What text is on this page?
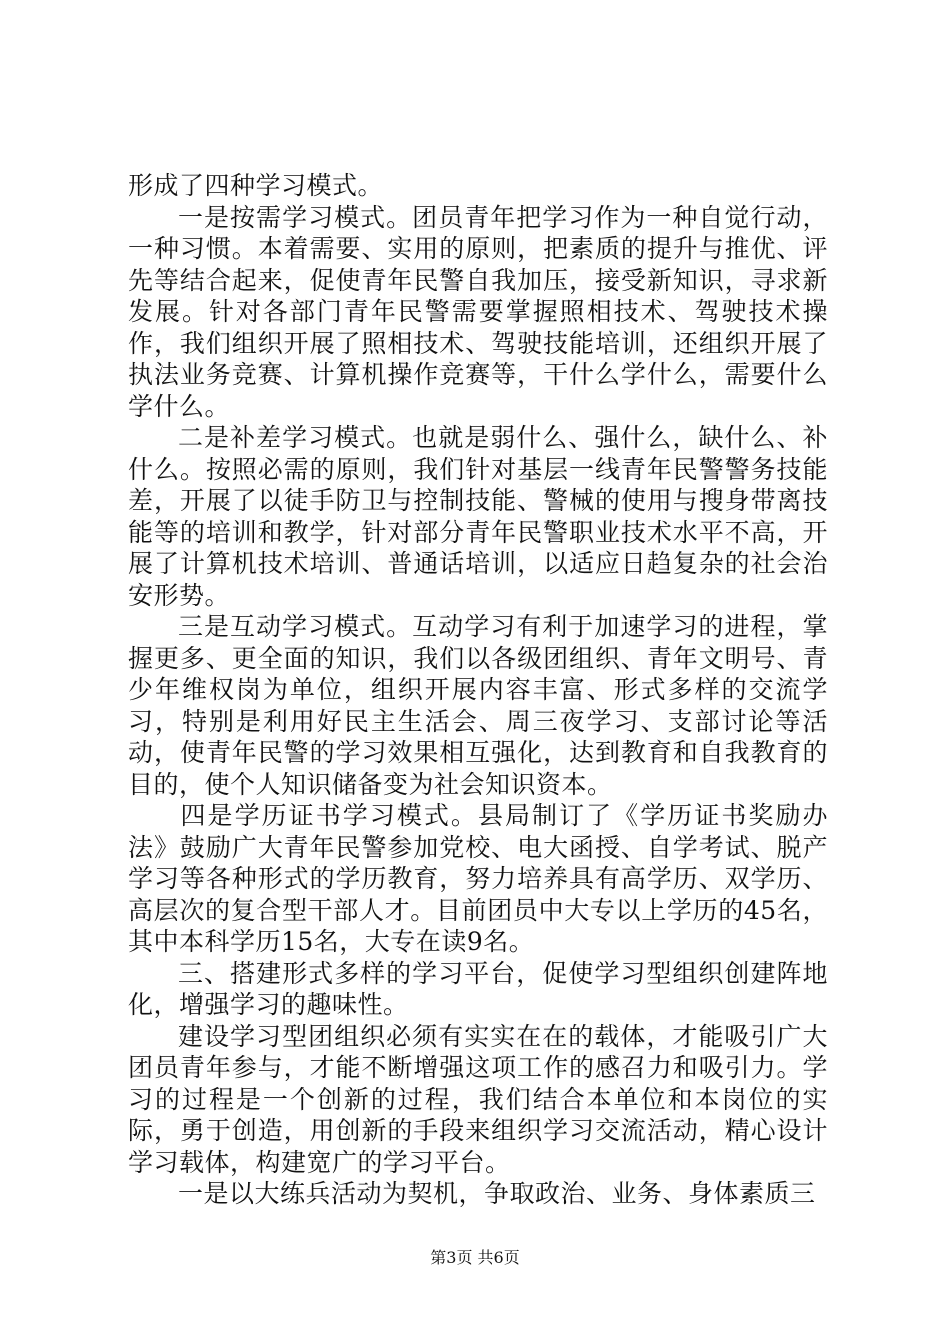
形成了四种学习模式。

一是按需学习模式。团员青年把学习作为一种自觉行动，一种习惯。本着需要、实用的原则，把素质的提升与推优、评先等结合起来，促使青年民警自我加压，接受新知识，寻求新发展。针对各部门青年民警需要掌握照相技术、驾驶技术操作，我们组织开展了照相技术、驾驶技能培训，还组织开展了执法业务竞赛、计算机操作竞赛等，干什么学什么，需要什么学什么。

二是补差学习模式。也就是弱什么、强什么，缺什么、补什么。按照必需的原则，我们针对基层一线青年民警警务技能差，开展了以徒手防卫与控制技能、警械的使用与搜身带离技能等的培训和教学，针对部分青年民警职业技术水平不高，开展了计算机技术培训、普通话培训，以适应日趋复杂的社会治安形势。

三是互动学习模式。互动学习有利于加速学习的进程，掌握更多、更全面的知识，我们以各级团组织、青年文明号、青少年维权岗为单位，组织开展内容丰富、形式多样的交流学习，特别是利用好民主生活会、周三夜学习、支部讨论等活动，使青年民警的学习效果相互强化，达到教育和自我教育的目的，使个人知识储备变为社会知识资本。

四是学历证书学习模式。县局制订了《学历证书奖励办法》鼓励广大青年民警参加党校、电大函授、自学考试、脱产学习等各种形式的学历教育，努力培养具有高学历、双学历、高层次的复合型干部人才。目前团员中大专以上学历的45名，其中本科学历15名，大专在读9名。

三、搭建形式多样的学习平台，促使学习型组织创建阵地化，增强学习的趣味性。

建设学习型团组织必须有实实在在的载体，才能吸引广大团员青年参与，才能不断增强这项工作的感召力和吸引力。学习的过程是一个创新的过程，我们结合本单位和本岗位的实际，勇于创造，用创新的手段来组织学习交流活动，精心设计学习载体，构建宽广的学习平台。

一是以大练兵活动为契机，争取政治、业务、身体素质三

第3页 共6页
